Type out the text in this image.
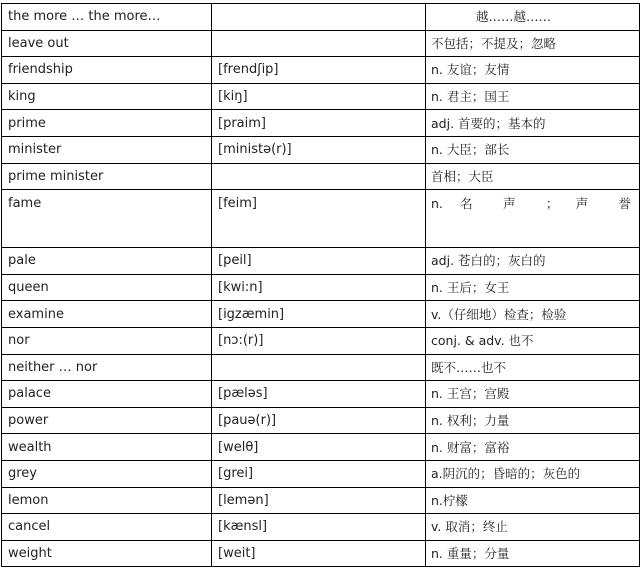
the more … the more…		越……越……
leave out		不包括；不提及；忽略
friendship	[frendʃip]	n. 友谊；友情
king	[kiŋ]	n. 君主；国王
prime	[praim]	adj. 首要的；基本的
minister	[ministə(r)]	n. 大臣；部长
prime minister		首相；大臣
fame	[feim]	n. 名 声 ； 声 誉
pale	[peil]	adj. 苍白的；灰白的
queen	[kwi:n]	n. 王后；女王
examine	[igzæmin]	v.（仔细地）检查；检验
nor	[nɔ:(r)]	conj. & adv. 也不
neither … nor		既不……也不
palace	[pæləs]	n. 王宫；宫殿
power	[pauə(r)]	n. 权利；力量
wealth	[welθ]	n. 财富；富裕
grey	[grei]	a.阴沉的；昏暗的；灰色的
lemon	[lemən]	n.柠檬
cancel	[kænsl]	v. 取消；终止
weight	[weit]	n. 重量；分量
